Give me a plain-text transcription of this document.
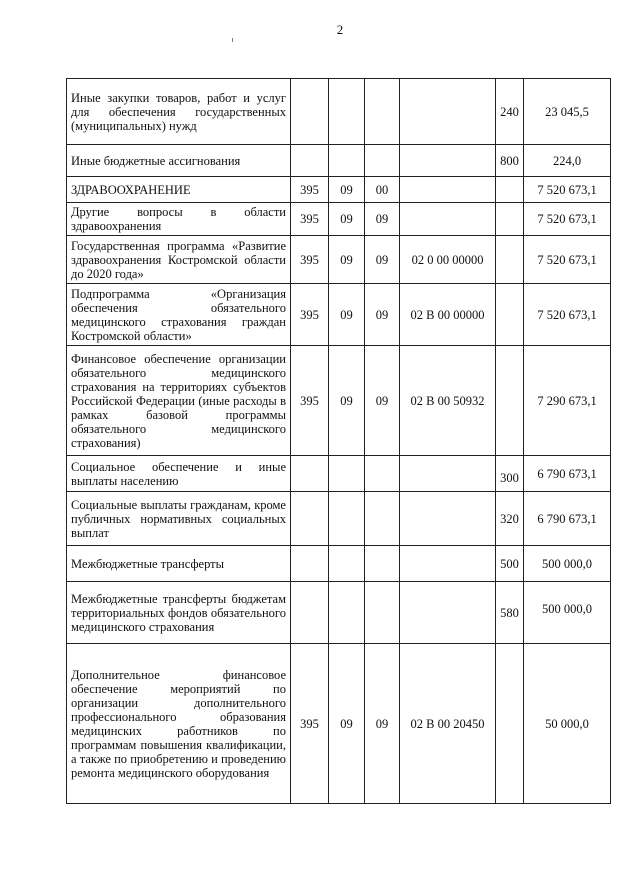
2
Иные закупки товаров, работ и услуг для обеспечения государственных (муниципальных) нужд					240	23 045,5
Иные бюджетные ассигнования					800	224,0
ЗДРАВООХРАНЕНИЕ	395	09	00			7 520 673,1
Другие вопросы в области здравоохранения	395	09	09			7 520 673,1
Государственная программа «Развитие здравоохранения Костромской области до 2020 года»	395	09	09	02 0 00 00000		7 520 673,1
Подпрограмма «Организация обеспечения обязательного медицинского страхования граждан Костромской области»	395	09	09	02 В 00 00000		7 520 673,1
Финансовое обеспечение организации обязательного медицинского страхования на территориях субъектов Российской Федерации (иные расходы в рамках базовой программы обязательного медицинского страхования)	395	09	09	02 В 00 50932		7 290 673,1
Социальное обеспечение и иные выплаты населению					300	6 790 673,1
Социальные выплаты гражданам, кроме публичных нормативных социальных выплат					320	6 790 673,1
Межбюджетные трансферты					500	500 000,0
Межбюджетные трансферты бюджетам территориальных фондов обязательного медицинского страхования					580	500 000,0
Дополнительное финансовое обеспечение мероприятий по организации дополнительного профессионального образования медицинских работников по программам повышения квалификации, а также по приобретению и проведению ремонта медицинского оборудования	395	09	09	02 В 00 20450		50 000,0
